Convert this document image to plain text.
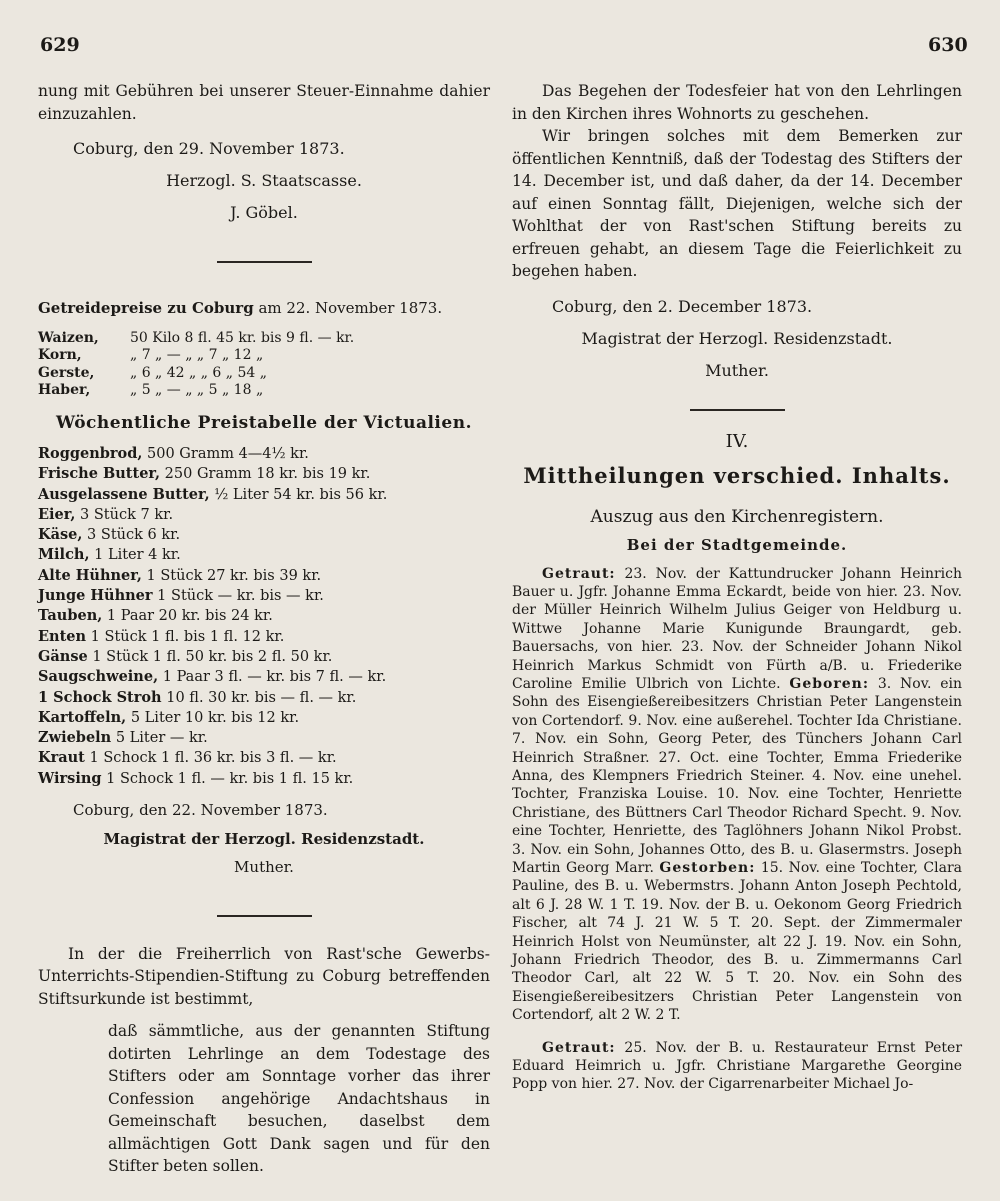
629	630

nung mit Gebühren bei unserer Steuer-Einnahme dahier einzuzahlen.

Coburg, den 29. November 1873.

Herzogl. S. Staatscasse.

J. Göbel.

Getreidepreise zu Coburg am 22. November 1873.

Waizen,	50 Kilo 8 fl. 45 kr. bis 9 fl. — kr.
Korn,	„ 7 „ — „ „ 7 „ 12 „
Gerste,	„ 6 „ 42 „ „ 6 „ 54 „
Haber,	„ 5 „ — „ „ 5 „ 18 „

Wöchentliche Preistabelle der Victualien.

Roggenbrod, 500 Gramm 4—4½ kr.
Frische Butter, 250 Gramm 18 kr. bis 19 kr.
Ausgelassene Butter, ½ Liter 54 kr. bis 56 kr.
Eier, 3 Stück 7 kr.
Käse, 3 Stück 6 kr.
Milch, 1 Liter 4 kr.
Alte Hühner, 1 Stück 27 kr. bis 39 kr.
Junge Hühner 1 Stück — kr. bis — kr.
Tauben, 1 Paar 20 kr. bis 24 kr.
Enten 1 Stück 1 fl. bis 1 fl. 12 kr.
Gänse 1 Stück 1 fl. 50 kr. bis 2 fl. 50 kr.
Saugschweine, 1 Paar 3 fl. — kr. bis 7 fl. — kr.
1 Schock Stroh 10 fl. 30 kr. bis — fl. — kr.
Kartoffeln, 5 Liter 10 kr. bis 12 kr.
Zwiebeln 5 Liter — kr.
Kraut 1 Schock 1 fl. 36 kr. bis 3 fl. — kr.
Wirsing 1 Schock 1 fl. — kr. bis 1 fl. 15 kr.

Coburg, den 22. November 1873.

Magistrat der Herzogl. Residenzstadt.

Muther.

In der die Freiherrlich von Rast'sche Gewerbs-Unterrichts-Stipendien-Stiftung zu Coburg betreffenden Stiftsurkunde ist bestimmt,

daß sämmtliche, aus der genannten Stiftung dotirten Lehrlinge an dem Todestage des Stifters oder am Sonntage vorher das ihrer Confession angehörige Andachtshaus in Gemeinschaft besuchen, daselbst dem allmächtigen Gott Dank sagen und für den Stifter beten sollen.

Das Begehen der Todesfeier hat von den Lehrlingen in den Kirchen ihres Wohnorts zu geschehen.

Wir bringen solches mit dem Bemerken zur öffentlichen Kenntniß, daß der Todestag des Stifters der 14. December ist, und daß daher, da der 14. December auf einen Sonntag fällt, Diejenigen, welche sich der Wohlthat der von Rast'schen Stiftung bereits zu erfreuen gehabt, an diesem Tage die Feierlichkeit zu begehen haben.

Coburg, den 2. December 1873.

Magistrat der Herzogl. Residenzstadt.

Muther.

IV.

Mittheilungen verschied. Inhalts.

Auszug aus den Kirchenregistern.

Bei der Stadtgemeinde.

Getraut: 23. Nov. der Kattundrucker Johann Heinrich Bauer u. Jgfr. Johanne Emma Eckardt, beide von hier. 23. Nov. der Müller Heinrich Wilhelm Julius Geiger von Heldburg u. Wittwe Johanne Marie Kunigunde Braungardt, geb. Bauersachs, von hier. 23. Nov. der Schneider Johann Nikol Heinrich Markus Schmidt von Fürth a/B. u. Friederike Caroline Emilie Ulbrich von Lichte. Geboren: 3. Nov. ein Sohn des Eisengießereibesitzers Christian Peter Langenstein von Cortendorf. 9. Nov. eine außerehel. Tochter Ida Christiane. 7. Nov. ein Sohn, Georg Peter, des Tünchers Johann Carl Heinrich Straßner. 27. Oct. eine Tochter, Emma Friederike Anna, des Klempners Friedrich Steiner. 4. Nov. eine unehel. Tochter, Franziska Louise. 10. Nov. eine Tochter, Henriette Christiane, des Büttners Carl Theodor Richard Specht. 9. Nov. eine Tochter, Henriette, des Taglöhners Johann Nikol Probst. 3. Nov. ein Sohn, Johannes Otto, des B. u. Glasermstrs. Joseph Martin Georg Marr. Gestorben: 15. Nov. eine Tochter, Clara Pauline, des B. u. Webermstrs. Johann Anton Joseph Pechtold, alt 6 J. 28 W. 1 T. 19. Nov. der B. u. Oekonom Georg Friedrich Fischer, alt 74 J. 21 W. 5 T. 20. Sept. der Zimmermaler Heinrich Holst von Neumünster, alt 22 J. 19. Nov. ein Sohn, Johann Friedrich Theodor, des B. u. Zimmermanns Carl Theodor Carl, alt 22 W. 5 T. 20. Nov. ein Sohn des Eisengießereibesitzers Christian Peter Langenstein von Cortendorf, alt 2 W. 2 T.

Getraut: 25. Nov. der B. u. Restaurateur Ernst Peter Eduard Heimrich u. Jgfr. Christiane Margarethe Georgine Popp von hier. 27. Nov. der Cigarrenarbeiter Michael Jo-
